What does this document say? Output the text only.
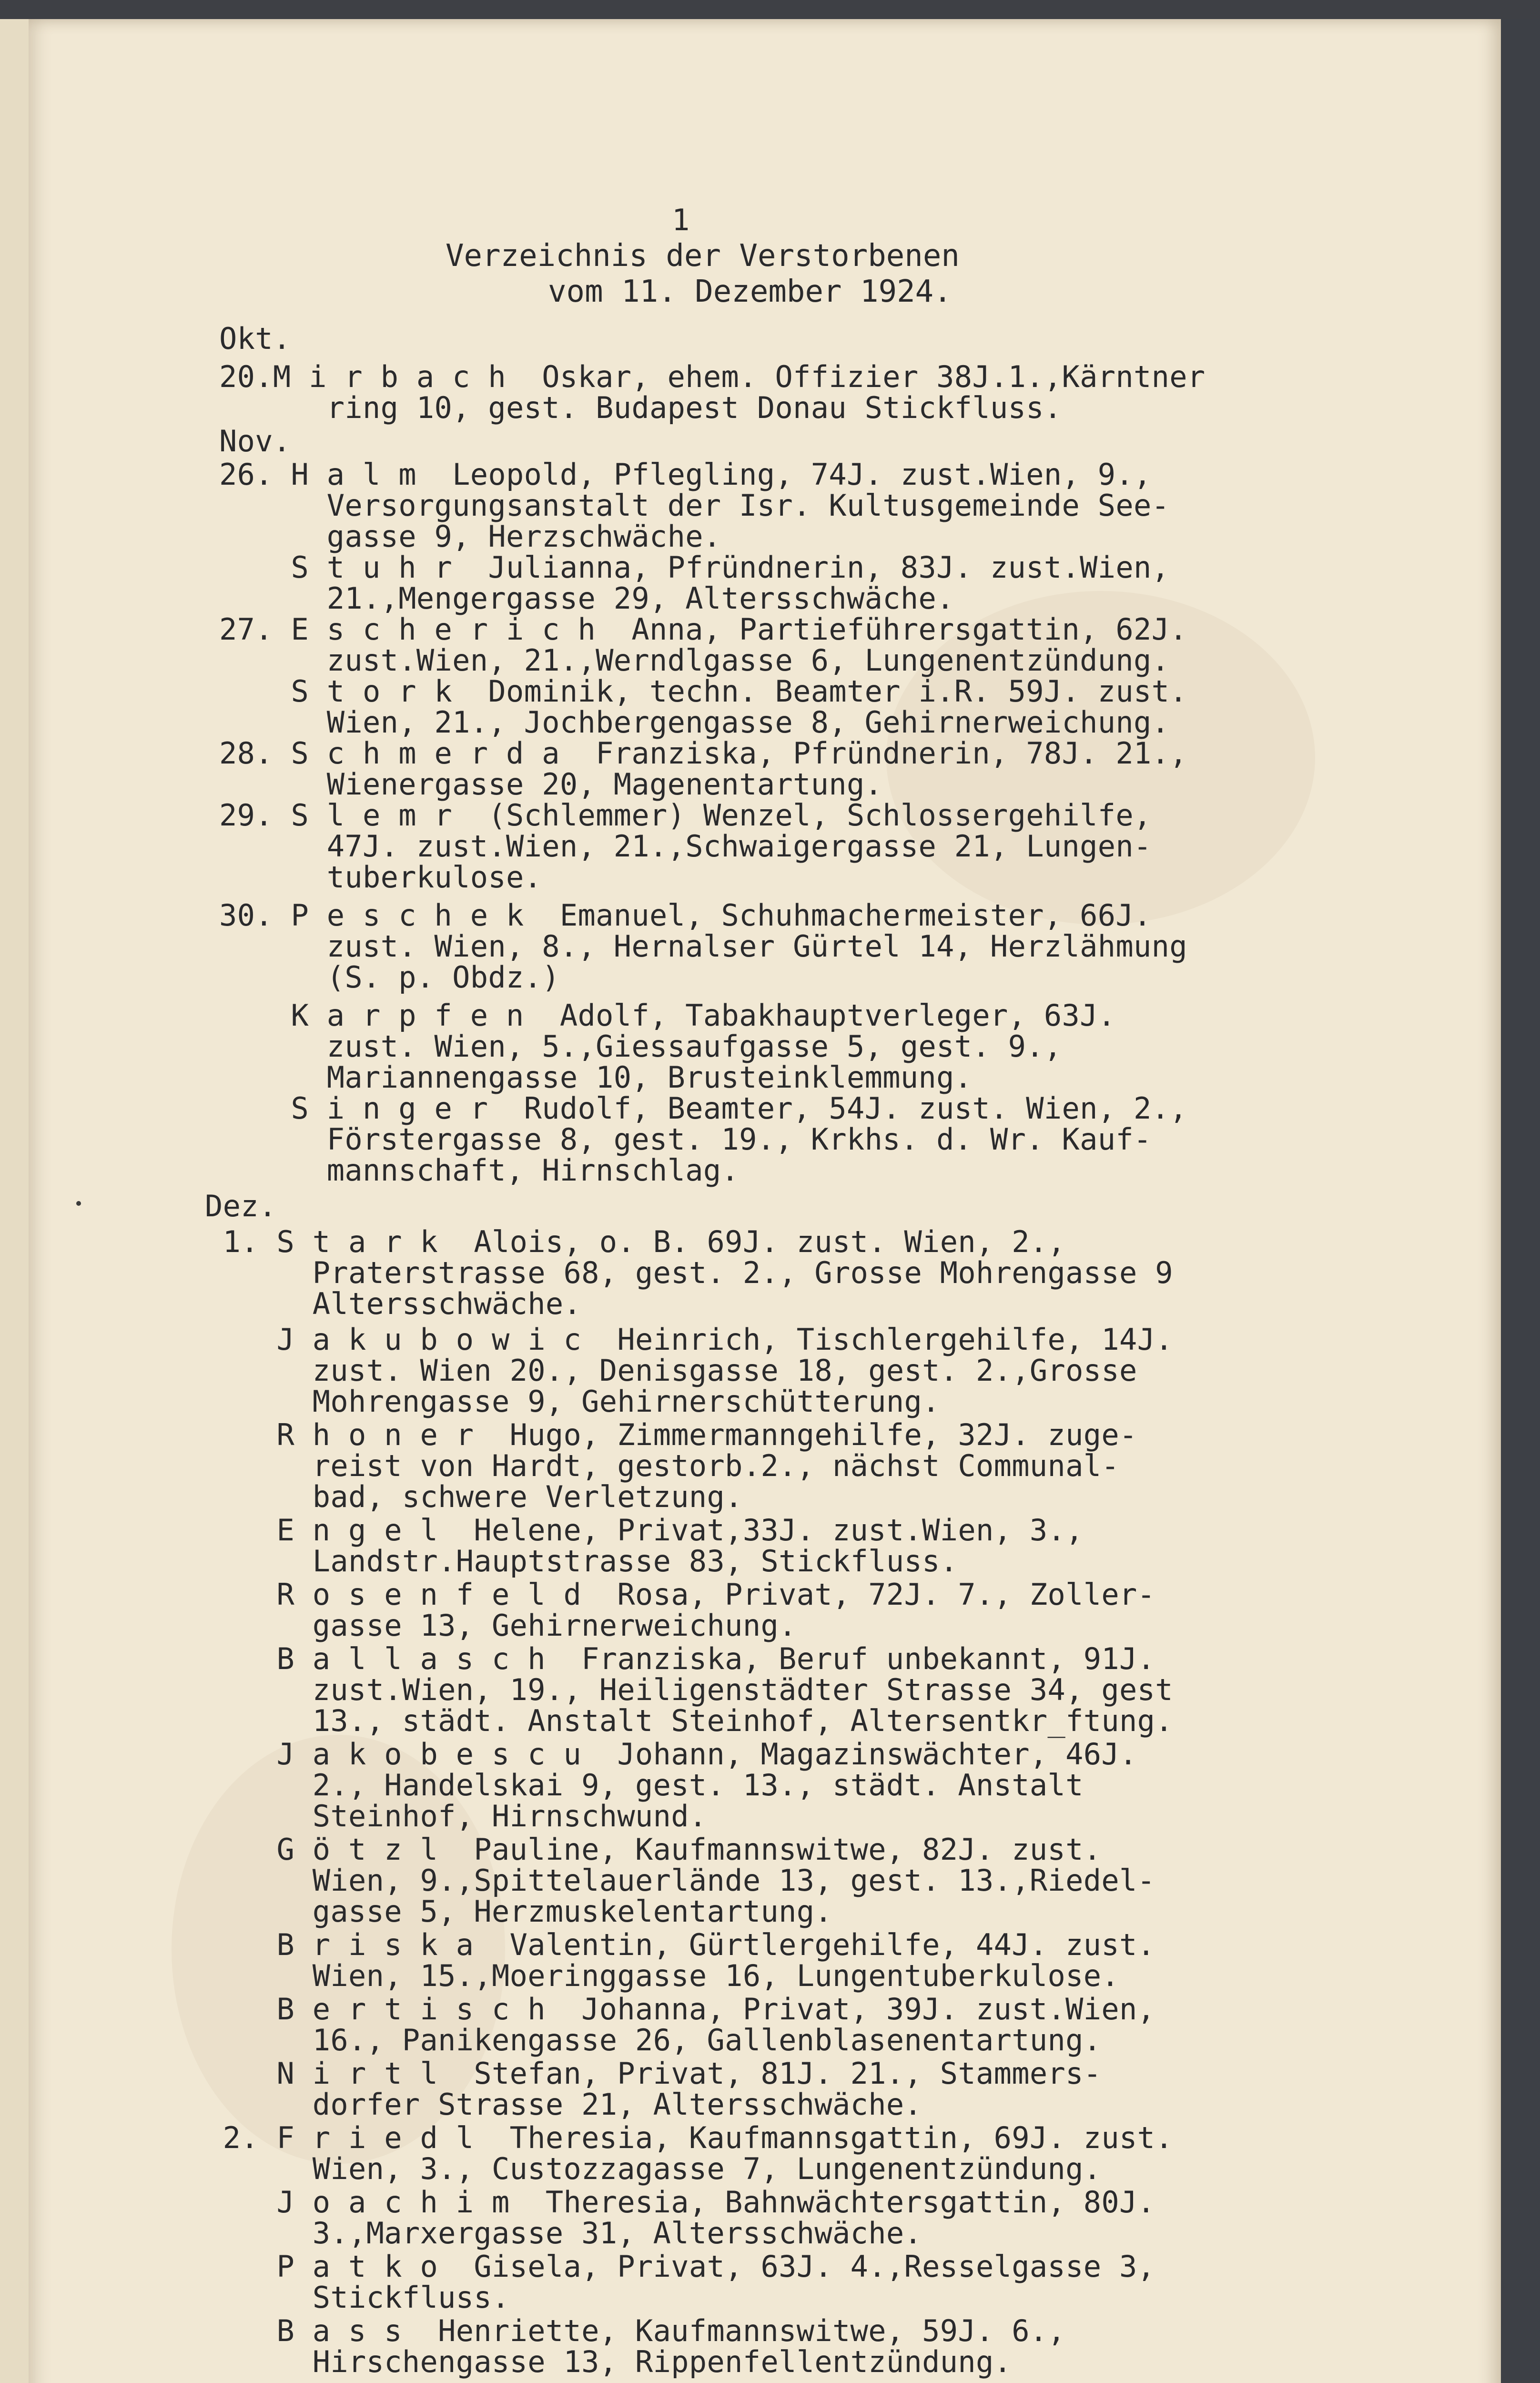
1
Verzeichnis der Verstorbenen
vom 11. Dezember 1924.
Okt.
20.M i r b a c h  Oskar, ehem. Offizier 38J.1.,Kärntner
ring 10, gest. Budapest Donau Stickfluss.
Nov.
26. H a l m  Leopold, Pflegling, 74J. zust.Wien, 9.,
Versorgungsanstalt der Isr. Kultusgemeinde See-
gasse 9, Herzschwäche.
S t u h r  Julianna, Pfründnerin, 83J. zust.Wien,
21.,Mengergasse 29, Altersschwäche.
27. E s c h e r i c h  Anna, Partieführersgattin, 62J.
zust.Wien, 21.,Werndlgasse 6, Lungenentzündung.
S t o r k  Dominik, techn. Beamter i.R. 59J. zust.
Wien, 21., Jochbergengasse 8, Gehirnerweichung.
28. S c h m e r d a  Franziska, Pfründnerin, 78J. 21.,
Wienergasse 20, Magenentartung.
29. S l e m r  (Schlemmer) Wenzel, Schlossergehilfe,
47J. zust.Wien, 21.,Schwaigergasse 21, Lungen-
tuberkulose.
30. P e s c h e k  Emanuel, Schuhmachermeister, 66J.
zust. Wien, 8., Hernalser Gürtel 14, Herzlähmung
(S. p. Obdz.)
K a r p f e n  Adolf, Tabakhauptverleger, 63J.
zust. Wien, 5.,Giessaufgasse 5, gest. 9.,
Mariannengasse 10, Brusteinklemmung.
S i n g e r  Rudolf, Beamter, 54J. zust. Wien, 2.,
Förstergasse 8, gest. 19., Krkhs. d. Wr. Kauf-
mannschaft, Hirnschlag.
Dez.
1. S t a r k  Alois, o. B. 69J. zust. Wien, 2.,
Praterstrasse 68, gest. 2., Grosse Mohrengasse 9
Altersschwäche.
J a k u b o w i c  Heinrich, Tischlergehilfe, 14J.
zust. Wien 20., Denisgasse 18, gest. 2.,Grosse
Mohrengasse 9, Gehirnerschütterung.
R h o n e r  Hugo, Zimmermanngehilfe, 32J. zuge-
reist von Hardt, gestorb.2., nächst Communal-
bad, schwere Verletzung.
E n g e l  Helene, Privat,33J. zust.Wien, 3.,
Landstr.Hauptstrasse 83, Stickfluss.
R o s e n f e l d  Rosa, Privat, 72J. 7., Zoller-
gasse 13, Gehirnerweichung.
B a l l a s c h  Franziska, Beruf unbekannt, 91J.
zust.Wien, 19., Heiligenstädter Strasse 34, gest
13., städt. Anstalt Steinhof, Altersentkr_ftung.
J a k o b e s c u  Johann, Magazinswächter, 46J.
2., Handelskai 9, gest. 13., städt. Anstalt
Steinhof, Hirnschwund.
G ö t z l  Pauline, Kaufmannswitwe, 82J. zust.
Wien, 9.,Spittelauerlände 13, gest. 13.,Riedel-
gasse 5, Herzmuskelentartung.
B r i s k a  Valentin, Gürtlergehilfe, 44J. zust.
Wien, 15.,Moeringgasse 16, Lungentuberkulose.
B e r t i s c h  Johanna, Privat, 39J. zust.Wien,
16., Panikengasse 26, Gallenblasenentartung.
N i r t l  Stefan, Privat, 81J. 21., Stammers-
dorfer Strasse 21, Altersschwäche.
2. F r i e d l  Theresia, Kaufmannsgattin, 69J. zust.
Wien, 3., Custozzagasse 7, Lungenentzündung.
J o a c h i m  Theresia, Bahnwächtersgattin, 80J.
3.,Marxergasse 31, Altersschwäche.
P a t k o  Gisela, Privat, 63J. 4.,Resselgasse 3,
Stickfluss.
B a s s  Henriette, Kaufmannswitwe, 59J. 6.,
Hirschengasse 13, Rippenfellentzündung.
